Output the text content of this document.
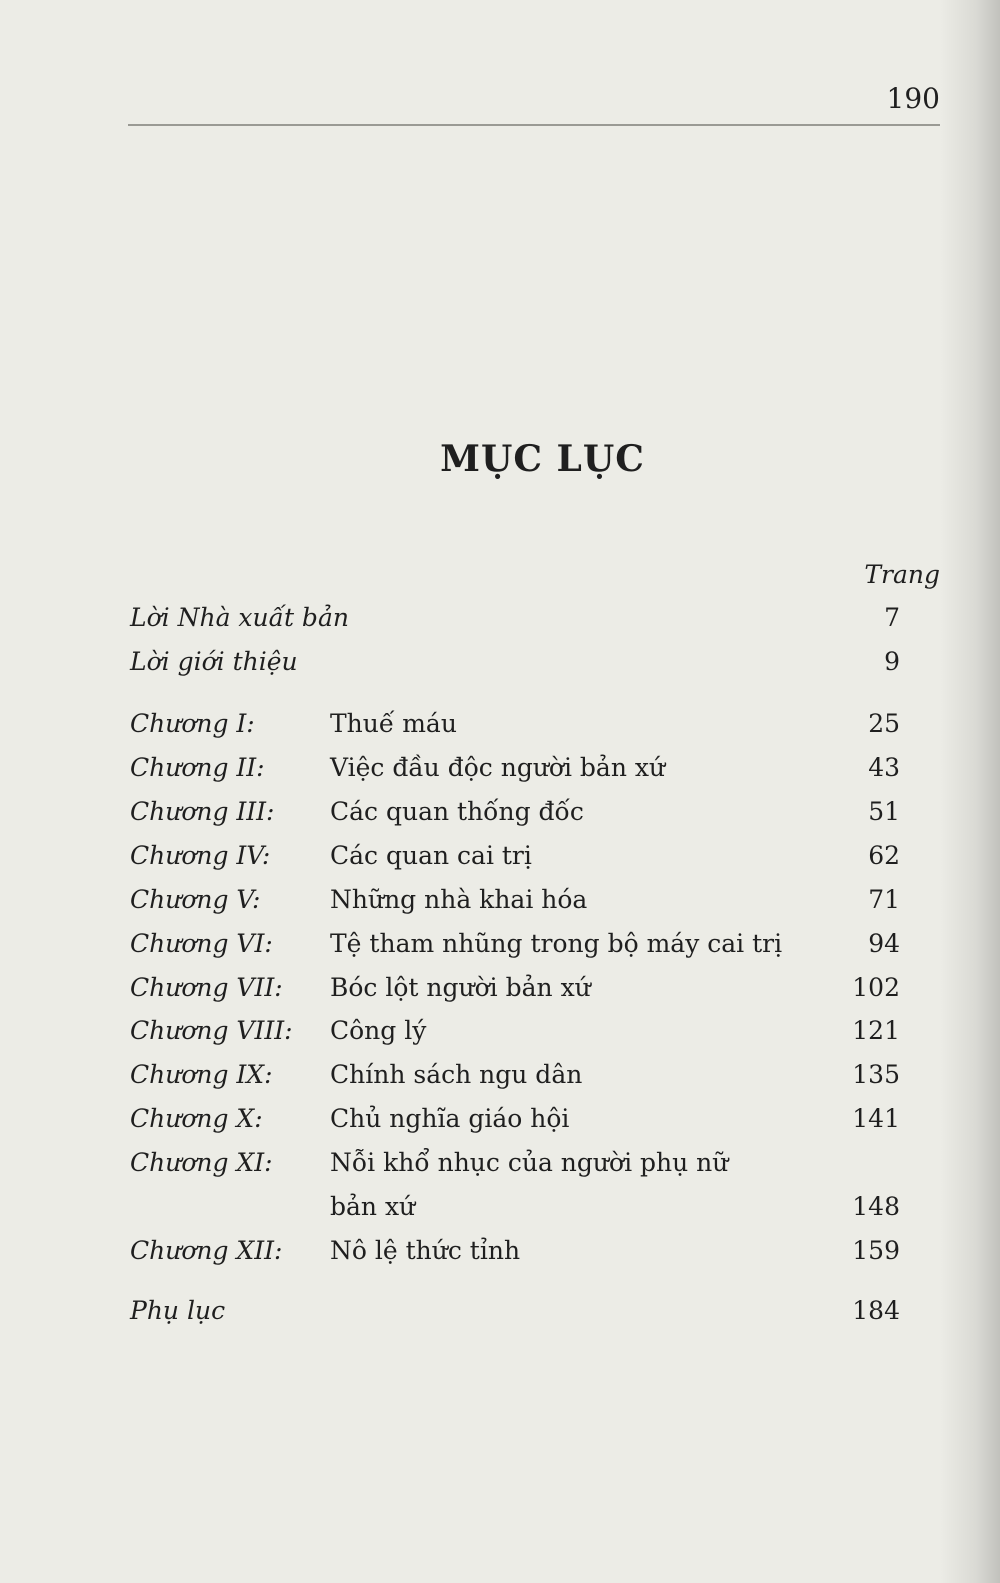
190
MỤC LỤC
Trang
Lời Nhà xuất bản	7
Lời giới thiệu	9
Chương I:	Thuế máu	25
Chương II:	Việc đầu độc người bản xứ	43
Chương III: Các quan thống đốc	51
Chương IV: Các quan cai trị	62
Chương V:	Những nhà khai hóa	71
Chương VI: Tệ tham nhũng trong bộ máy cai trị	94
Chương VII: Bóc lột người bản xứ	102
Chương VIII: Công lý	121
Chương IX: Chính sách ngu dân	135
Chương X:	Chủ nghĩa giáo hội	141
Chương XI: Nỗi khổ nhục của người phụ nữ
bản xứ	148
Chương XII: Nô lệ thức tỉnh	159
Phụ lục	184
